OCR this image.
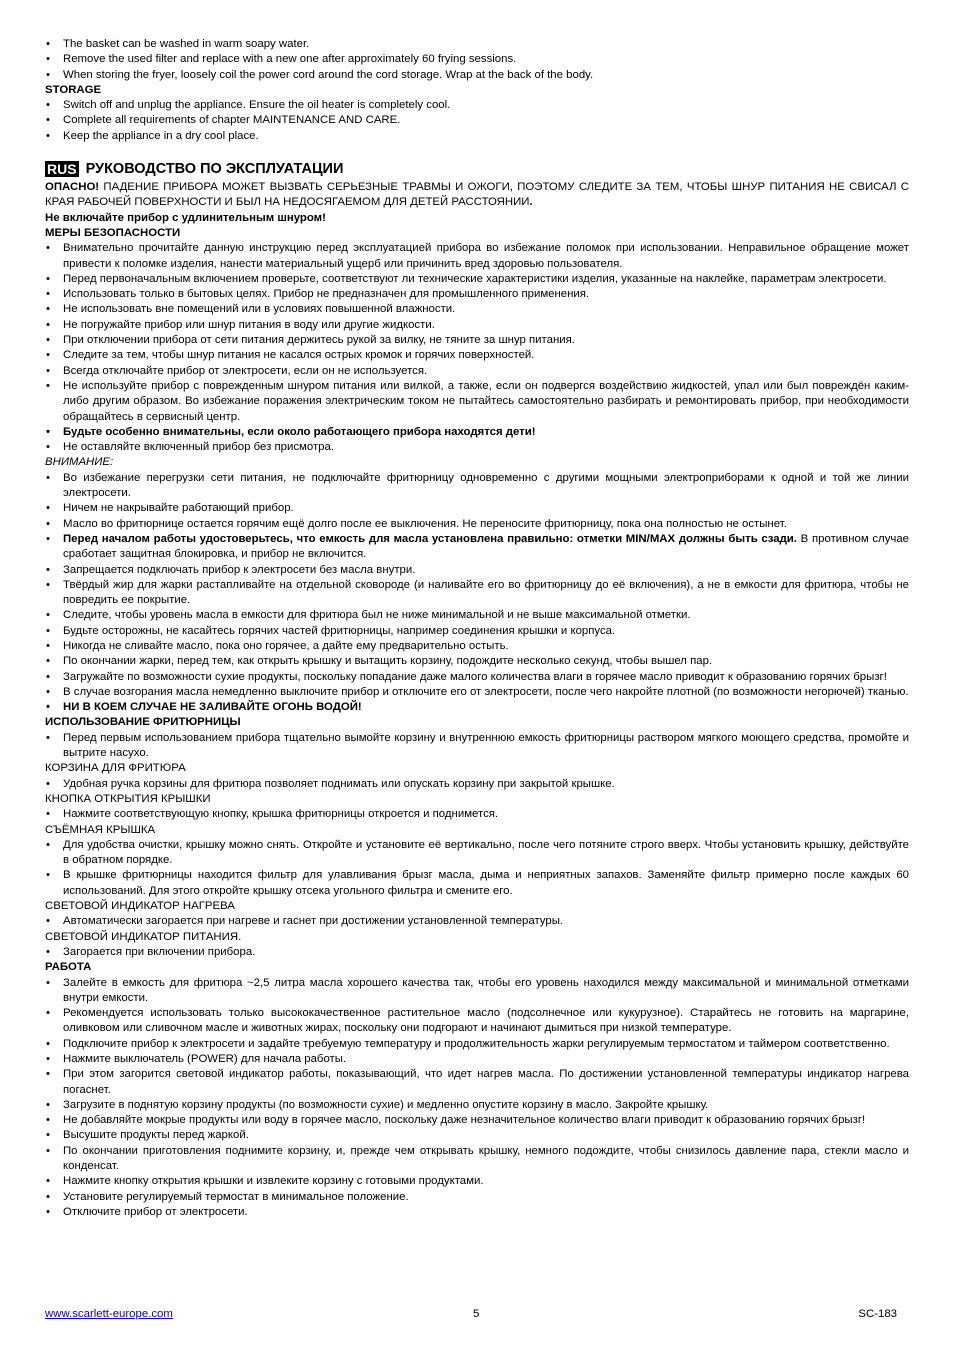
• The basket can be washed in warm soapy water.
• Remove the used filter and replace with a new one after approximately 60 frying sessions.
• When storing the fryer, loosely coil the power cord around the cord storage. Wrap at the back of the body.
STORAGE
• Switch off and unplug the appliance. Ensure the oil heater is completely cool.
• Complete all requirements of chapter MAINTENANCE AND CARE.
• Keep the appliance in a dry cool place.
RUS РУКОВОДСТВО ПО ЭКСПЛУАТАЦИИ

ОПАСНО! ПАДЕНИЕ ПРИБОРА МОЖЕТ ВЫЗВАТЬ СЕРЬЕЗНЫЕ ТРАВМЫ И ОЖОГИ, ПОЭТОМУ СЛЕДИТЕ ЗА ТЕМ, ЧТОБЫ ШНУР ПИТАНИЯ НЕ СВИСАЛ С КРАЯ РАБОЧЕЙ ПОВЕРХНОСТИ И БЫЛ НА НЕДОСЯГАЕМОМ ДЛЯ ДЕТЕЙ РАССТОЯНИИ.

Не включайте прибор с удлинительным шнуром!
МЕРЫ БЕЗОПАСНОСТИ
• Внимательно прочитайте данную инструкцию перед эксплуатацией прибора во избежание поломок при использовании. Неправильное обращение может привести к поломке изделия, нанести материальный ущерб или причинить вред здоровью пользователя.
• Перед первоначальным включением проверьте, соответствуют ли технические характеристики изделия, указанные на наклейке, параметрам электросети.
• Использовать только в бытовых целях. Прибор не предназначен для промышленного применения.
• Не использовать вне помещений или в условиях повышенной влажности.
• Не погружайте прибор или шнур питания в воду или другие жидкости.
• При отключении прибора от сети питания держитесь рукой за вилку, не тяните за шнур питания.
• Следите за тем, чтобы шнур питания не касался острых кромок и горячих поверхностей.
• Всегда отключайте прибор от электросети, если он не используется.
• Не используйте прибор с поврежденным шнуром питания или вилкой, а также, если он подвергся воздействию жидкостей, упал или был повреждён каким-либо другим образом. Во избежание поражения электрическим током не пытайтесь самостоятельно разбирать и ремонтировать прибор, при необходимости обращайтесь в сервисный центр.
• Будьте особенно внимательны, если около работающего прибора находятся дети!
• Не оставляйте включенный прибор без присмотра.
ВНИМАНИЕ:
• Во избежание перегрузки сети питания, не подключайте фритюрницу одновременно с другими мощными электроприборами к одной и той же линии электросети.
• Ничем не накрывайте работающий прибор.
• Масло во фритюрнице остается горячим ещё долго после ее выключения. Не переносите фритюрницу, пока она полностью не остынет.
• Перед началом работы удостоверьтесь, что емкость для масла установлена правильно: отметки MIN/MAX должны быть сзади. В противном случае сработает защитная блокировка, и прибор не включится.
• Запрещается подключать прибор к электросети без масла внутри.
• Твёрдый жир для жарки растапливайте на отдельной сковороде (и наливайте его во фритюрницу до её включения), а не в емкости для фритюра, чтобы не повредить ее покрытие.
• Следите, чтобы уровень масла в емкости для фритюра был не ниже минимальной и не выше максимальной отметки.
• Будьте осторожны, не касайтесь горячих частей фритюрницы, например соединения крышки и корпуса.
• Никогда не сливайте масло, пока оно горячее, а дайте ему предварительно остыть.
• По окончании жарки, перед тем, как открыть крышку и вытащить корзину, подождите несколько секунд, чтобы вышел пар.
• Загружайте по возможности сухие продукты, поскольку попадание даже малого количества влаги в горячее масло приводит к образованию горячих брызг!
• В случае возгорания масла немедленно выключите прибор и отключите его от электросети, после чего накройте плотной (по возможности негорючей) тканью.
• НИ В КОЕМ СЛУЧАЕ НЕ ЗАЛИВАЙТЕ ОГОНЬ ВОДОЙ!
ИСПОЛЬЗОВАНИЕ ФРИТЮРНИЦЫ
• Перед первым использованием прибора тщательно вымойте корзину и внутреннюю емкость фритюрницы раствором мягкого моющего средства, промойте и вытрите насухо.
КОРЗИНА ДЛЯ ФРИТЮРА
• Удобная ручка корзины для фритюра позволяет поднимать или опускать корзину при закрытой крышке.
КНОПКА ОТКРЫТИЯ КРЫШКИ
• Нажмите соответствующую кнопку, крышка фритюрницы откроется и поднимется.
СЪЁМНАЯ КРЫШКА
• Для удобства очистки, крышку можно снять. Откройте и установите её вертикально, после чего потяните строго вверх. Чтобы установить крышку, действуйте в обратном порядке.
• В крышке фритюрницы находится фильтр для улавливания брызг масла, дыма и неприятных запахов. Заменяйте фильтр примерно после каждых 60 использований. Для этого откройте крышку отсека угольного фильтра и смените его.
СВЕТОВОЙ ИНДИКАТОР НАГРЕВА
• Автоматически загорается при нагреве и гаснет при достижении установленной температуры.
СВЕТОВОЙ ИНДИКАТОР ПИТАНИЯ.
• Загорается при включении прибора.
РАБОТА
• Залейте в емкость для фритюра ~2,5 литра масла хорошего качества так, чтобы его уровень находился между максимальной и минимальной отметками внутри емкости.
• Рекомендуется использовать только высококачественное растительное масло (подсолнечное или кукурузное). Старайтесь не готовить на маргарине, оливковом или сливочном масле и животных жирах, поскольку они подгорают и начинают дымиться при низкой температуре.
• Подключите прибор к электросети и задайте требуемую температуру и продолжительность жарки регулируемым термостатом и таймером соответственно.
• Нажмите выключатель (POWER) для начала работы.
• При этом загорится световой индикатор работы, показывающий, что идет нагрев масла. По достижении установленной температуры индикатор нагрева погаснет.
• Загрузите в поднятую корзину продукты (по возможности сухие) и медленно опустите корзину в масло. Закройте крышку.
• Не добавляйте мокрые продукты или воду в горячее масло, поскольку даже незначительное количество влаги приводит к образованию горячих брызг!
• Высушите продукты перед жаркой.
• По окончании приготовления поднимите корзину, и, прежде чем открывать крышку, немного подождите, чтобы снизилось давление пара, стекли масло и конденсат.
• Нажмите кнопку открытия крышки и извлеките корзину с готовыми продуктами.
• Установите регулируемый термостат в минимальное положение.
• Отключите прибор от электросети.
www.scarlett-europe.com	5	SC-183
